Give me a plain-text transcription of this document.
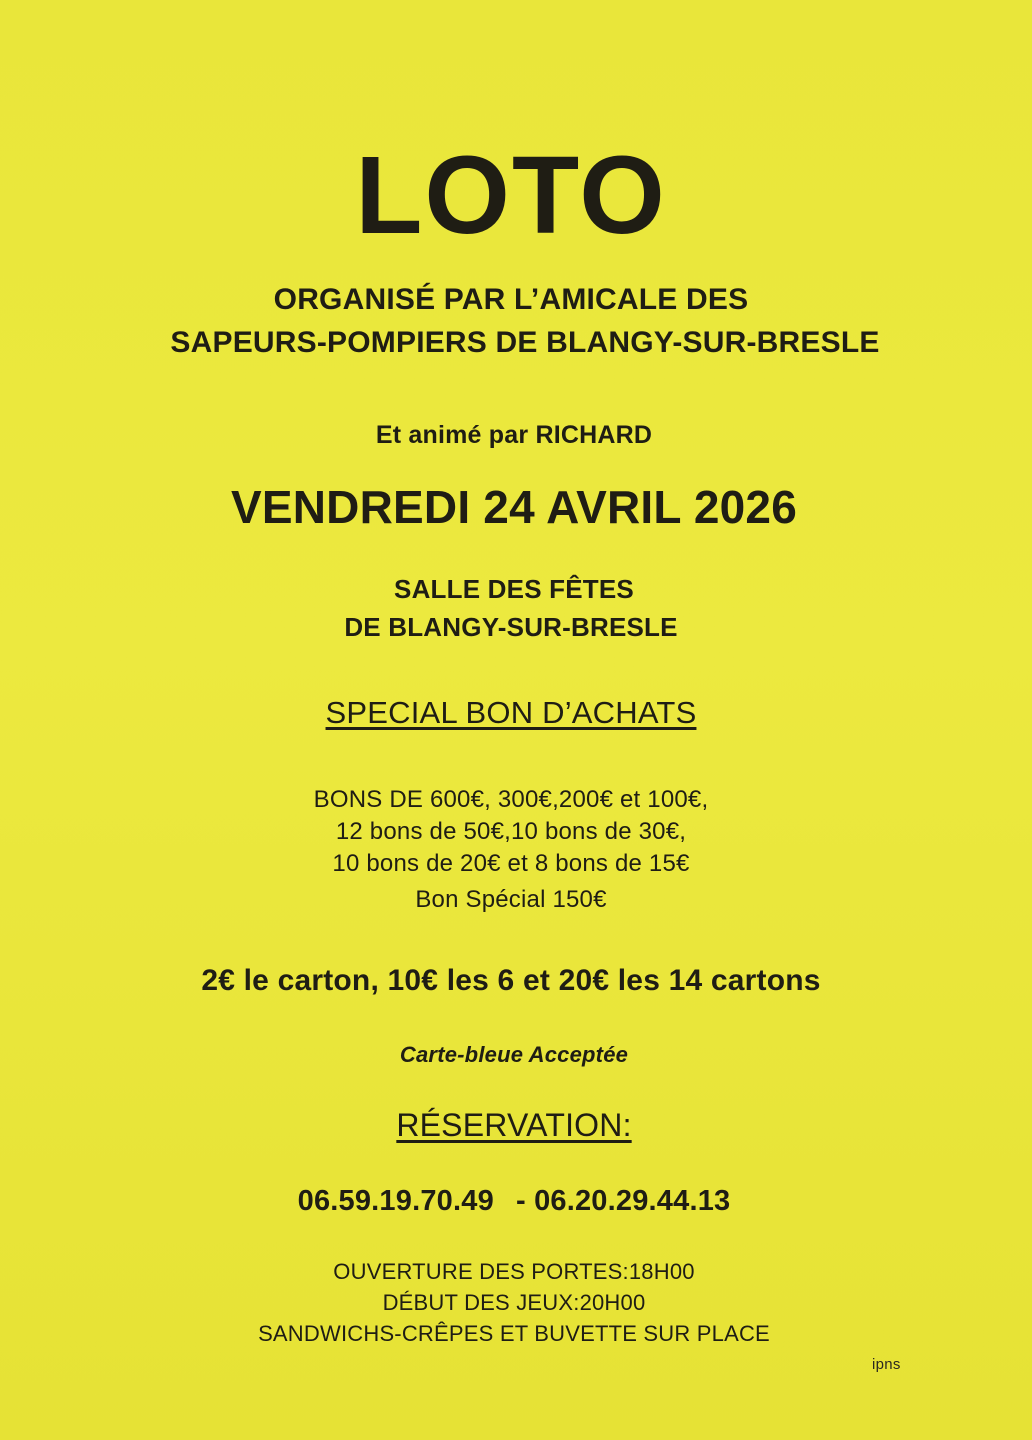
LOTO
ORGANISÉ PAR L’AMICALE DES
SAPEURS-POMPIERS DE BLANGY-SUR-BRESLE
Et animé par RICHARD
VENDREDI 24 AVRIL 2026
SALLE DES FÊTES
DE BLANGY-SUR-BRESLE
SPECIAL BON D’ACHATS
BONS DE 600€, 300€,200€ et 100€,
12 bons de 50€,10 bons de 30€,
10 bons de 20€ et 8 bons de 15€
Bon Spécial 150€
2€ le carton, 10€ les 6 et 20€ les 14 cartons
Carte-bleue Acceptée
RÉSERVATION:
06.59.19.70.49 - 06.20.29.44.13
OUVERTURE DES PORTES:18H00
DÉBUT DES JEUX:20H00
SANDWICHS-CRÊPES ET BUVETTE SUR PLACE
ipns
